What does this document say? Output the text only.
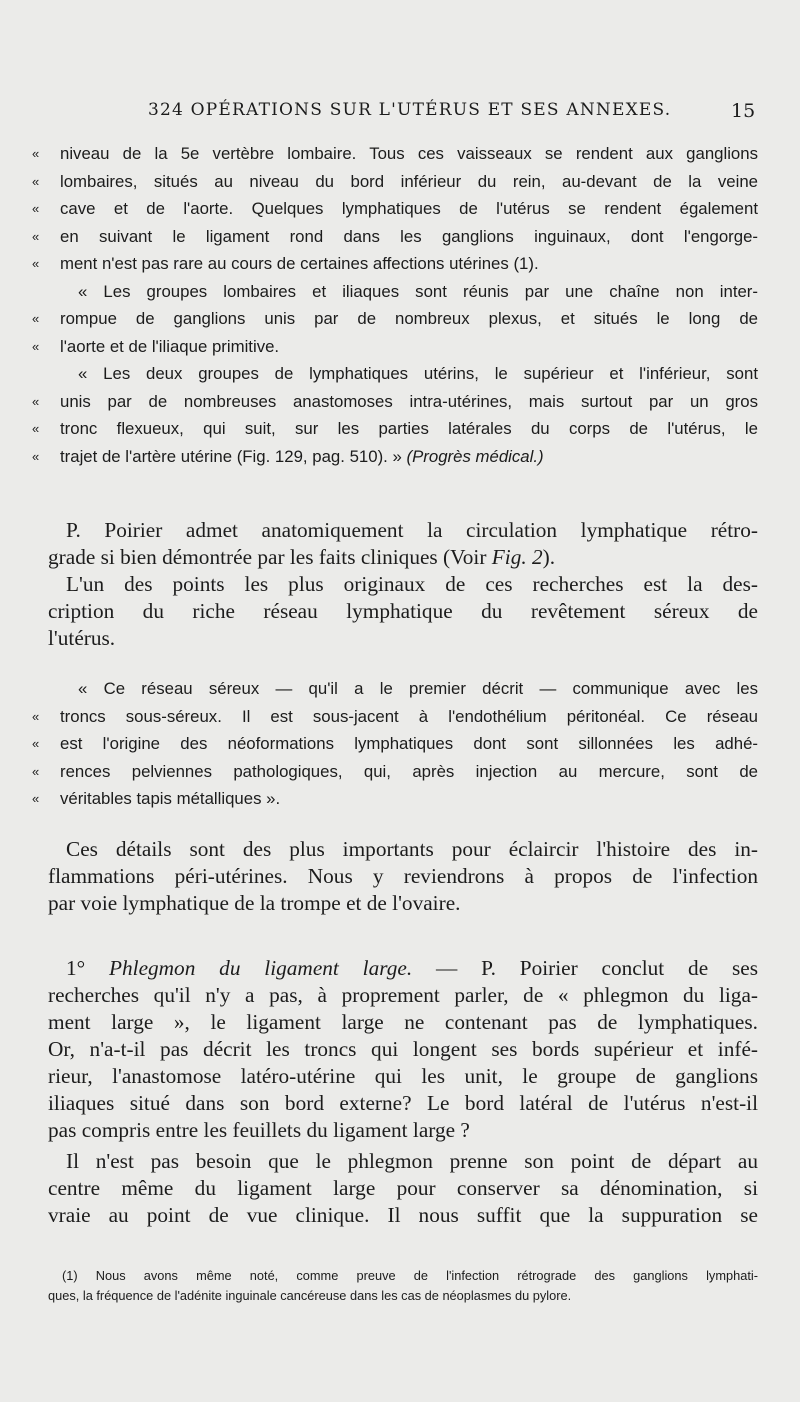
324 OPÉRATIONS SUR L'UTÉRUS ET SES ANNEXES.	15
« niveau de la 5e vertèbre lombaire. Tous ces vaisseaux se rendent aux ganglions
« lombaires, situés au niveau du bord inférieur du rein, au-devant de la veine
« cave et de l'aorte. Quelques lymphatiques de l'utérus se rendent également
« en suivant le ligament rond dans les ganglions inguinaux, dont l'engorge-
« ment n'est pas rare au cours de certaines affections utérines (1).
« Les groupes lombaires et iliaques sont réunis par une chaîne non inter-
« rompue de ganglions unis par de nombreux plexus, et situés le long de
« l'aorte et de l'iliaque primitive.
« Les deux groupes de lymphatiques utérins, le supérieur et l'inférieur, sont
« unis par de nombreuses anastomoses intra-utérines, mais surtout par un gros
« tronc flexueux, qui suit, sur les parties latérales du corps de l'utérus, le
« trajet de l'artère utérine (Fig. 129, pag. 510). » (Progrès médical.)
P. Poirier admet anatomiquement la circulation lymphatique rétro-
grade si bien démontrée par les faits cliniques (Voir Fig. 2).
L'un des points les plus originaux de ces recherches est la des-
cription du riche réseau lymphatique du revêtement séreux de
l'utérus.
« Ce réseau séreux — qu'il a le premier décrit — communique avec les
« troncs sous-séreux. Il est sous-jacent à l'endothélium péritonéal. Ce réseau
« est l'origine des néoformations lymphatiques dont sont sillonnées les adhé-
« rences pelviennes pathologiques, qui, après injection au mercure, sont de
« véritables tapis métalliques ».
Ces détails sont des plus importants pour éclaircir l'histoire des in-
flammations péri-utérines. Nous y reviendrons à propos de l'infection
par voie lymphatique de la trompe et de l'ovaire.
1° Phlegmon du ligament large. — P. Poirier conclut de ses
recherches qu'il n'y a pas, à proprement parler, de « phlegmon du liga-
ment large », le ligament large ne contenant pas de lymphatiques.
Or, n'a-t-il pas décrit les troncs qui longent ses bords supérieur et infé-
rieur, l'anastomose latéro-utérine qui les unit, le groupe de ganglions
iliaques situé dans son bord externe? Le bord latéral de l'utérus n'est-il
pas compris entre les feuillets du ligament large ?
Il n'est pas besoin que le phlegmon prenne son point de départ au
centre même du ligament large pour conserver sa dénomination, si
vraie au point de vue clinique. Il nous suffit que la suppuration se
(1) Nous avons même noté, comme preuve de l'infection rétrograde des ganglions lymphati-
ques, la fréquence de l'adénite inguinale cancéreuse dans les cas de néoplasmes du pylore.
